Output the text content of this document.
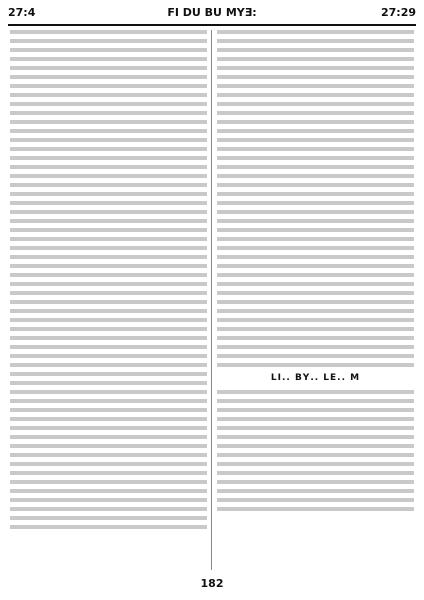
27:4	FI DU BU MYƎ:	27:29
ꓡꓲ.. ꓐꓬ.. ꓡꓰ.. ꓟ
182
